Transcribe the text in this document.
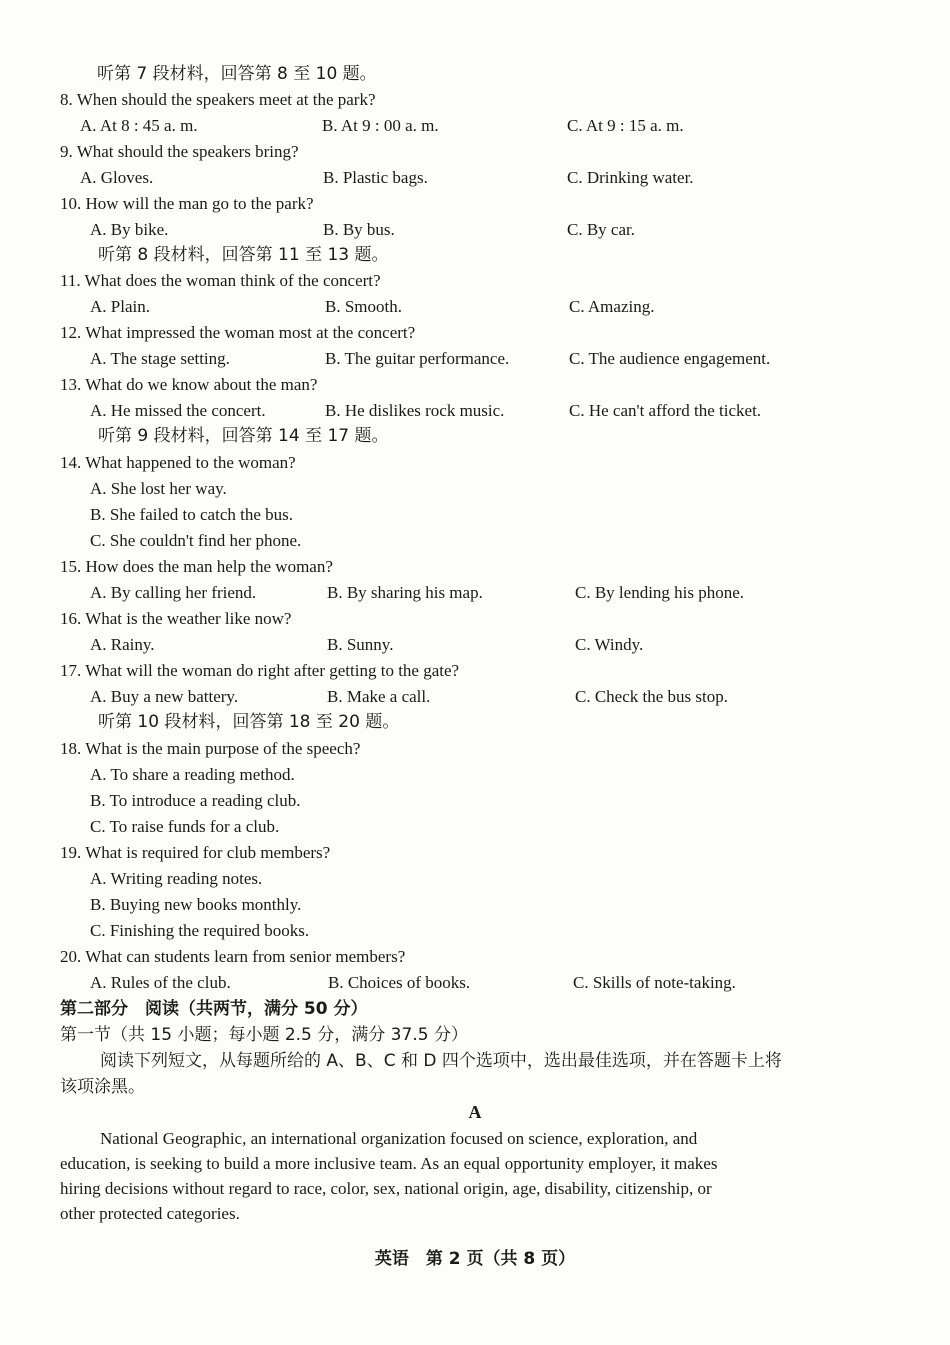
听第 7 段材料，回答第 8 至 10 题。
8. When should the speakers meet at the park?
A. At 8 : 45 a. m.	B. At 9 : 00 a. m.	C. At 9 : 15 a. m.
9. What should the speakers bring?
A. Gloves.	B. Plastic bags.	C. Drinking water.
10. How will the man go to the park?
A. By bike.	B. By bus.	C. By car.
听第 8 段材料，回答第 11 至 13 题。
11. What does the woman think of the concert?
A. Plain.	B. Smooth.	C. Amazing.
12. What impressed the woman most at the concert?
A. The stage setting.	B. The guitar performance.	C. The audience engagement.
13. What do we know about the man?
A. He missed the concert.	B. He dislikes rock music.	C. He can't afford the ticket.
听第 9 段材料，回答第 14 至 17 题。
14. What happened to the woman?
A. She lost her way.
B. She failed to catch the bus.
C. She couldn't find her phone.
15. How does the man help the woman?
A. By calling her friend.	B. By sharing his map.	C. By lending his phone.
16. What is the weather like now?
A. Rainy.	B. Sunny.	C. Windy.
17. What will the woman do right after getting to the gate?
A. Buy a new battery.	B. Make a call.	C. Check the bus stop.
听第 10 段材料，回答第 18 至 20 题。
18. What is the main purpose of the speech?
A. To share a reading method.
B. To introduce a reading club.
C. To raise funds for a club.
19. What is required for club members?
A. Writing reading notes.
B. Buying new books monthly.
C. Finishing the required books.
20. What can students learn from senior members?
A. Rules of the club.	B. Choices of books.	C. Skills of note-taking.
第二部分　阅读（共两节，满分 50 分）
第一节（共 15 小题；每小题 2.5 分，满分 37.5 分）
阅读下列短文，从每题所给的 A、B、C 和 D 四个选项中，选出最佳选项，并在答题卡上将
该项涂黑。
A
National Geographic, an international organization focused on science, exploration, and
education, is seeking to build a more inclusive team. As an equal opportunity employer, it makes
hiring decisions without regard to race, color, sex, national origin, age, disability, citizenship, or
other protected categories.
英语　第 2 页（共 8 页）
